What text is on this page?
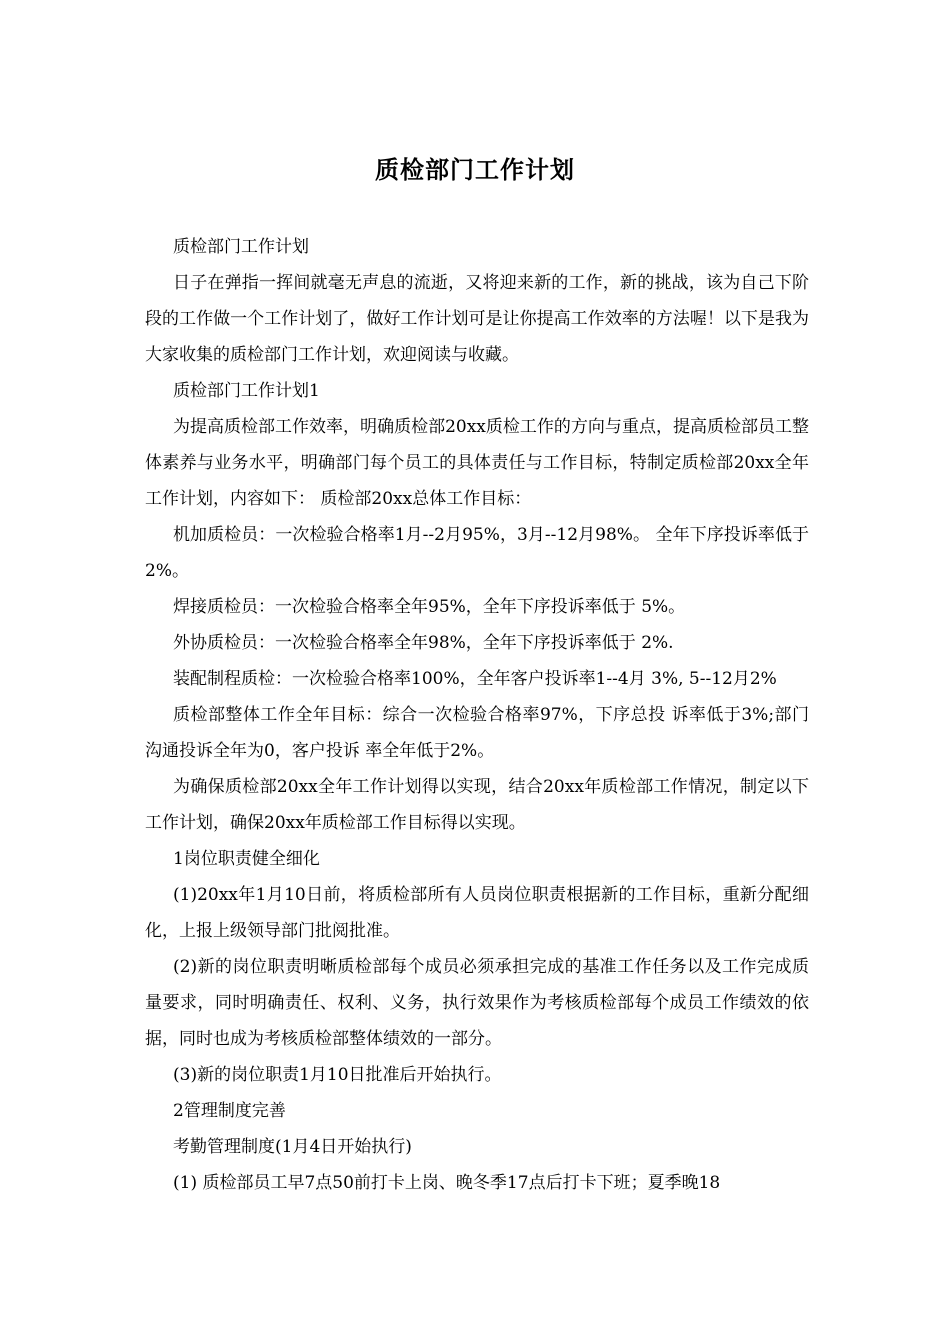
质检部门工作计划

质检部门工作计划

日子在弹指一挥间就毫无声息的流逝，又将迎来新的工作，新的挑战，该为自己下阶段的工作做一个工作计划了，做好工作计划可是让你提高工作效率的方法喔！以下是我为大家收集的质检部门工作计划，欢迎阅读与收藏。

质检部门工作计划1

为提高质检部工作效率，明确质检部20xx质检工作的方向与重点，提高质检部员工整体素养与业务水平，明确部门每个员工的具体责任与工作目标，特制定质检部20xx全年工作计划，内容如下： 质检部20xx总体工作目标：

机加质检员：一次检验合格率1月--2月95%，3月--12月98%。 全年下序投诉率低于2%。

焊接质检员：一次检验合格率全年95%，全年下序投诉率低于 5%。

外协质检员：一次检验合格率全年98%，全年下序投诉率低于 2%.

装配制程质检：一次检验合格率100%，全年客户投诉率1--4月 3%, 5--12月2%

质检部整体工作全年目标：综合一次检验合格率97%，下序总投 诉率低于3%;部门沟通投诉全年为0，客户投诉 率全年低于2%。

为确保质检部20xx全年工作计划得以实现，结合20xx年质检部工作情况，制定以下工作计划，确保20xx年质检部工作目标得以实现。

1岗位职责健全细化

(1)20xx年1月10日前，将质检部所有人员岗位职责根据新的工作目标，重新分配细化，上报上级领导部门批阅批准。

(2)新的岗位职责明晰质检部每个成员必须承担完成的基准工作任务以及工作完成质量要求，同时明确责任、权利、义务，执行效果作为考核质检部每个成员工作绩效的依据，同时也成为考核质检部整体绩效的一部分。

(3)新的岗位职责1月10日批准后开始执行。

2管理制度完善

考勤管理制度(1月4日开始执行)

(1) 质检部员工早7点50前打卡上岗、晚冬季17点后打卡下班；夏季晚18
